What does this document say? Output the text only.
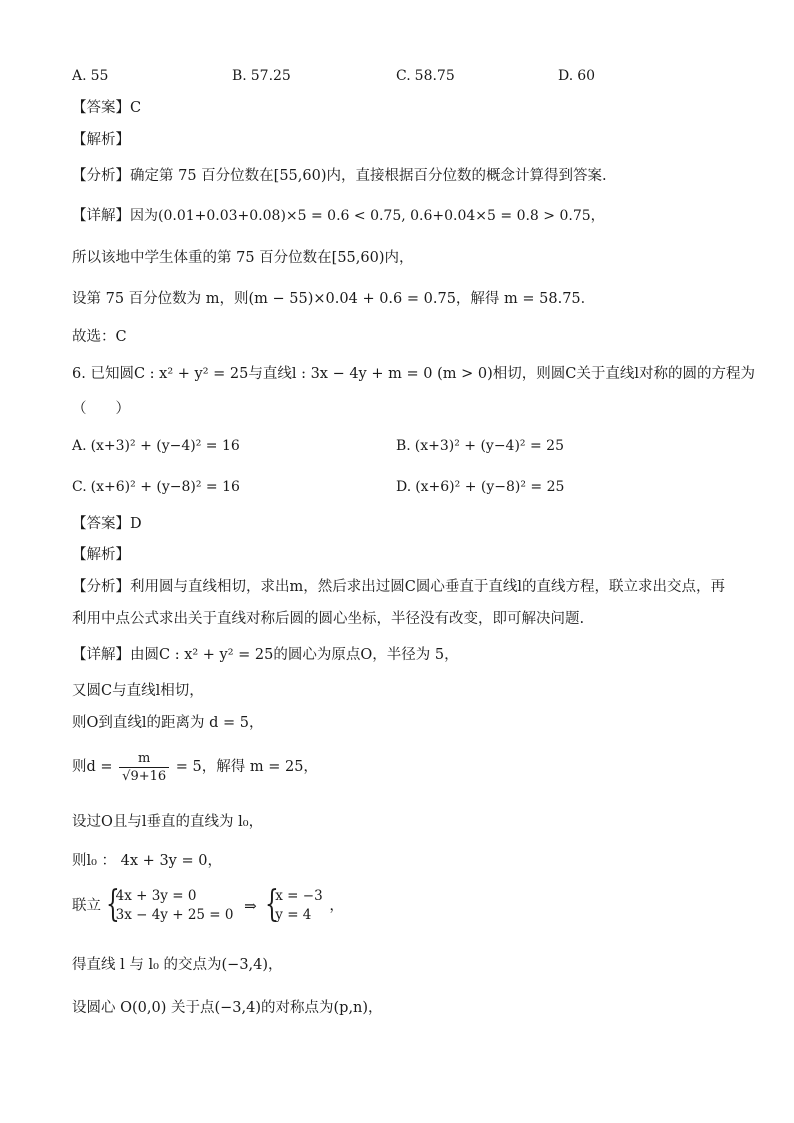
A. 55	B. 57.25	C. 58.75	D. 60
【答案】C
【解析】
【分析】确定第 75 百分位数在[55,60)内，直接根据百分位数的概念计算得到答案.
【详解】因为(0.01+0.03+0.08)×5 = 0.6 < 0.75, 0.6+0.04×5 = 0.8 > 0.75，
所以该地中学生体重的第 75 百分位数在[55,60)内，
设第 75 百分位数为 m，则(m − 55)×0.04 + 0.6 = 0.75，解得 m = 58.75．
故选：C
6. 已知圆C : x² + y² = 25与直线l : 3x − 4y + m = 0 (m > 0)相切，则圆C关于直线l对称的圆的方程为
（　　）
A. (x+3)² + (y−4)² = 16	B. (x+3)² + (y−4)² = 25
C. (x+6)² + (y−8)² = 16	D. (x+6)² + (y−8)² = 25
【答案】D
【解析】
【分析】利用圆与直线相切，求出m，然后求出过圆C圆心垂直于直线l的直线方程，联立求出交点，再
利用中点公式求出关于直线对称后圆的圆心坐标，半径没有改变，即可解决问题.
【详解】由圆C : x² + y² = 25的圆心为原点O，半径为 5，
又圆C与直线l相切，
则O到直线l的距离为 d = 5，
则$d = \frac{m}{√9+16} = 5$，解得 m = 25，
设过O且与l垂直的直线为 l₀，
则l₀ ： 4x + 3y = 0，
联立 {
4x + 3y = 0
3x − 4y + 25 = 0 ⇒ {
x = −3
y = 4
，
得直线 l 与 l₀ 的交点为(−3,4)，
设圆心 O(0,0) 关于点(−3,4)的对称点为(p,n)，
